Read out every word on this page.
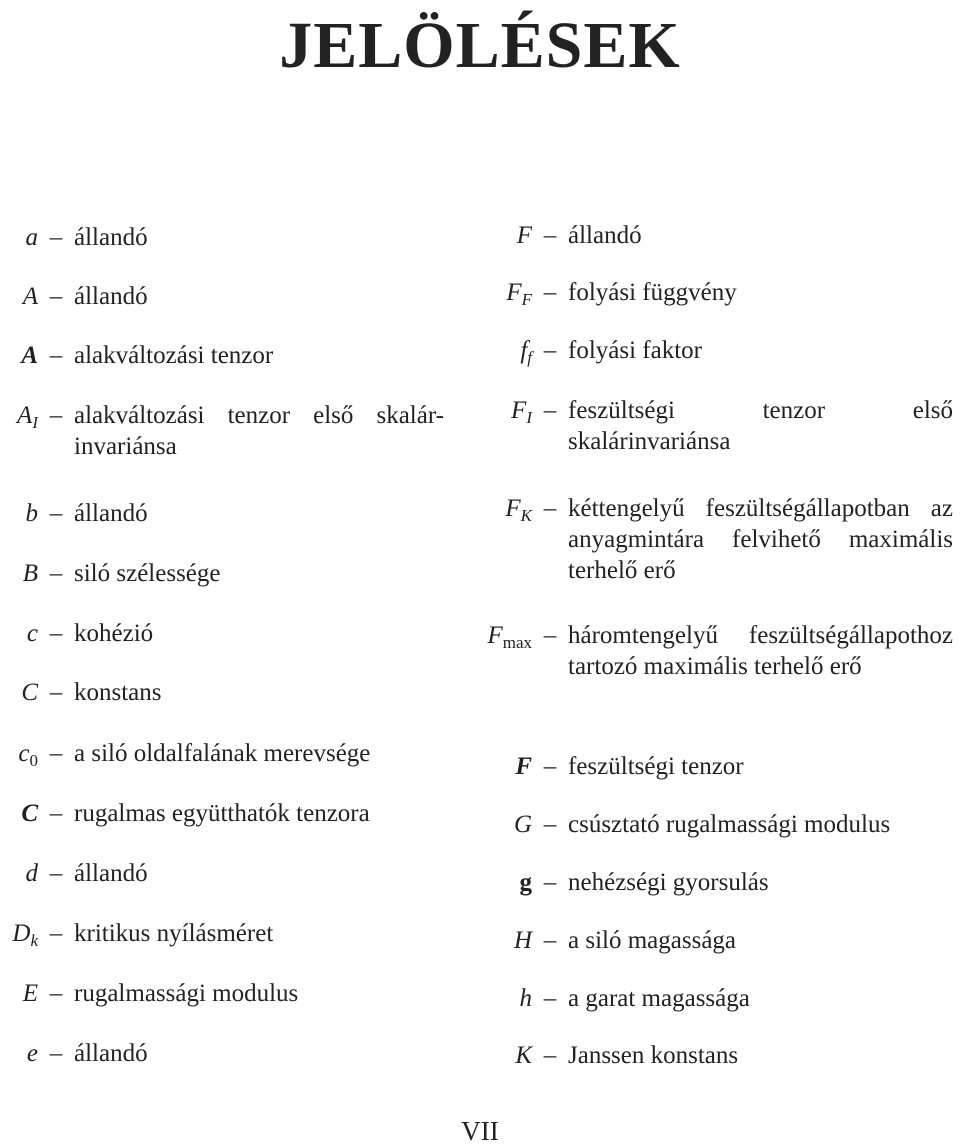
JELÖLÉSEK
a – állandó
A – állandó
A – alakváltozási tenzor
$A_I$ – alakváltozási tenzor első skalár-invariánsa
b – állandó
B – siló szélessége
c – kohézió
C – konstans
$c_0$ – a siló oldalfalának merevsége
C – rugalmas együtthatók tenzora
d – állandó
$D_k$ – kritikus nyílásméret
E – rugalmassági modulus
e – állandó
F – állandó
$F_F$ – folyási függvény
$f_f$ – folyási faktor
$F_I$ – feszültségi tenzor első skalárinvariánsa
$F_K$ – kéttengelyű feszültségállapotban az anyagmintára felvihető maximális terhelő erő
$F_{max}$ – háromtengelyű feszültségállapothoz tartozó maximális terhelő erő
F – feszültségi tenzor
G – csúsztató rugalmassági modulus
g – nehézségi gyorsulás
H – a siló magassága
h – a garat magassága
K – Janssen konstans
VII
